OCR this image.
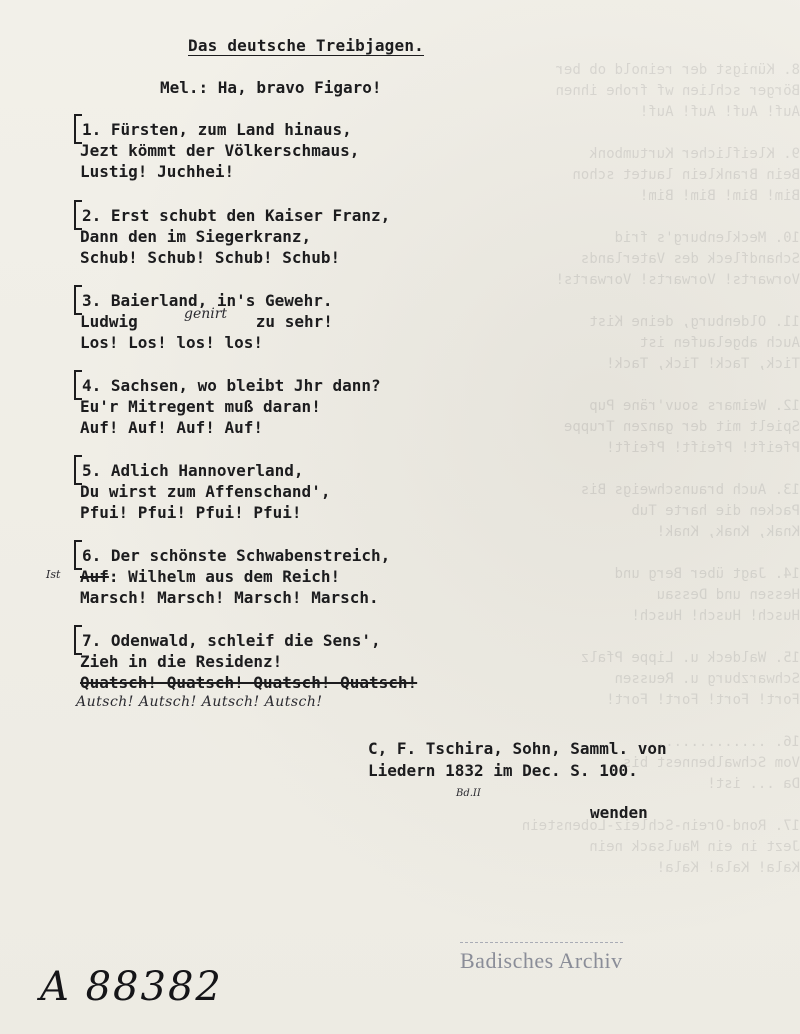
8. Künigst der reinold ob ber
Börger schlien wf frohe ihnen
Auf! Auf! Auf! Auf!

9. Kleiflicher Kurtumbonk
Bein Branklein lautet schon
Bim! Bim! Bim! Bim!

10. Mecklenburg's frid
Schandfleck des Vaterlands
Vorwarts! Vorwarts! Vorwarts!

11. Oldenburg, deine Kist
Auch abgelaufen ist
Tick, Tack! Tick, Tack!

12. Weimars souv'räne Pup
Spielt mit der ganzen Truppe
Pfeift! Pfeift! Pfeift!

13. Auch braunschweigs Bis
Packen die harte Tub
Knak, Knak, Knak!

14. Jagt über Berg und
Hessen und Dessau
Husch! Husch! Husch!

15. Waldeck u. Lippe Pfalz
Schwarzburg u. Reussen
Fort! Fort! Fort! Fort!

16. ..............
Vom Schwalbennest bis
Da ... ist!

17. Rond-Orein-Schleiz-Lobenstein
Jezt in ein Maulsack nein
Kala! Kala! Kala!

Das deutsche Treibjagen.
Mel.: Ha, bravo Figaro!
1. Fürsten, zum Land hinaus,
Jezt kömmt der Völkerschmaus,
Lustig! Juchhei!
2. Erst schubt den Kaiser Franz,
Dann den im Siegerkranz,
Schub! Schub! Schub! Schub!
3. Baierland, in's Gewehr.
Ludwig	zu sehr!
Los! Los! los! los!
genirt
4. Sachsen, wo bleibt Jhr dann?
Eu'r Mitregent muß daran!
Auf! Auf! Auf! Auf!
5. Adlich Hannoverland,
Du wirst zum Affenschand',
Pfui! Pfui! Pfui! Pfui!
6. Der schönste Schwabenstreich,
Auf: Wilhelm aus dem Reich!
Marsch! Marsch! Marsch! Marsch.
Ist
7. Odenwald, schleif die Sens',
Zieh in die Residenz!
Quatsch! Quatsch! Quatsch! Quatsch!
Autsch! Autsch! Autsch! Autsch!
C, F. Tschira, Sohn, Samml. von
Liedern 1832 im Dec. S. 100.
Bd.II
wenden
Badisches Archiv
A 88382
